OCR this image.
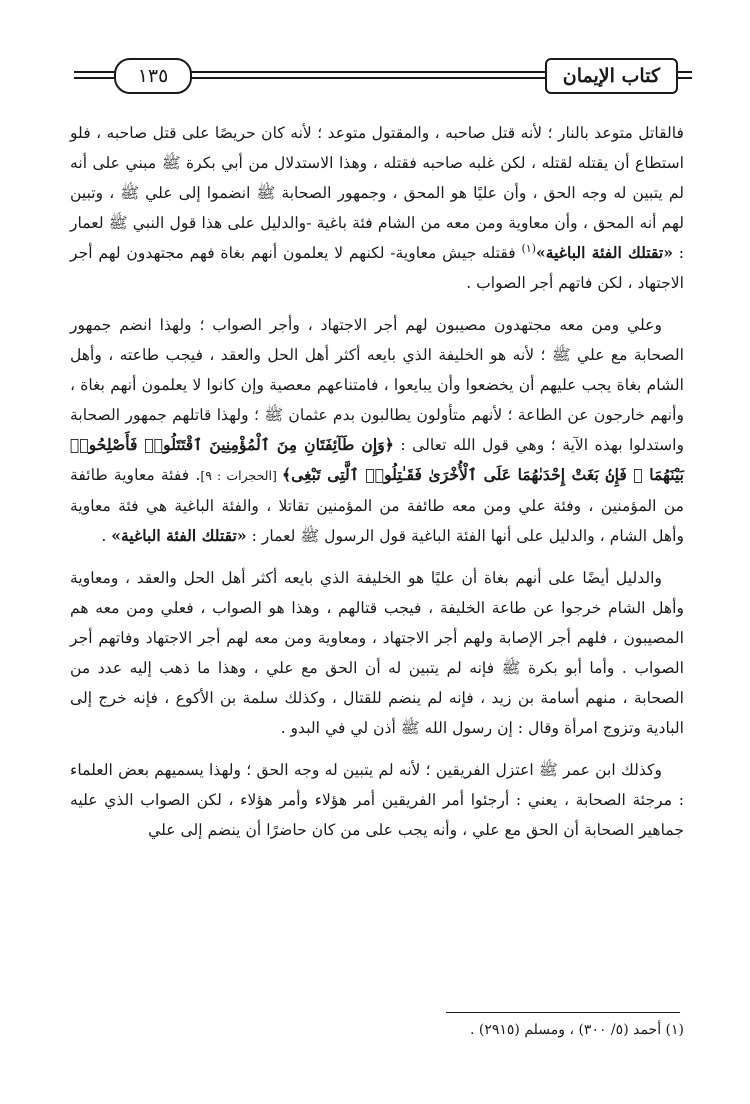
كتاب الإيمان
١٣٥

فالقاتل متوعد بالنار ؛ لأنه قتل صاحبه ، والمقتول متوعد ؛ لأنه كان حريصًا على قتل صاحبه ، فلو استطاع أن يقتله لقتله ، لكن غلبه صاحبه فقتله ، وهذا الاستدلال من أبي بكرة ﷺ مبني على أنه لم يتبين له وجه الحق ، وأن عليًا هو المحق ، وجمهور الصحابة ﷺ انضموا إلى علي ﷺ ، وتبين لهم أنه المحق ، وأن معاوية ومن معه من الشام فئة باغية -والدليل على هذا قول النبي ﷺ لعمار : «تقتلك الفئة الباغية»$^{(١)}$ فقتله جيش معاوية- لكنهم لا يعلمون أنهم بغاة فهم مجتهدون لهم أجر الاجتهاد ، لكن فاتهم أجر الصواب .

وعلي ومن معه مجتهدون مصيبون لهم أجر الاجتهاد ، وأجر الصواب ؛ ولهذا انضم جمهور الصحابة مع علي ﷺ ؛ لأنه هو الخليفة الذي بايعه أكثر أهل الحل والعقد ، فيجب طاعته ، وأهل الشام بغاة يجب عليهم أن يخضعوا وأن يبايعوا ، فامتناعهم معصية وإن كانوا لا يعلمون أنهم بغاة ، وأنهم خارجون عن الطاعة ؛ لأنهم متأولون يطالبون بدم عثمان ﷺ ؛ ولهذا قاتلهم جمهور الصحابة واستدلوا بهذه الآية ؛ وهي قول الله تعالى : ﴿وَإِن طَآئِفَتَانِ مِنَ ٱلْمُؤْمِنِينَ ٱقْتَتَلُوا۟ فَأَصْلِحُوا۟ بَيْنَهُمَا ۖ فَإِنۢ بَغَتْ إِحْدَىٰهُمَا عَلَى ٱلْأُخْرَىٰ فَقَـٰتِلُوا۟ ٱلَّتِى تَبْغِى﴾ [الحجرات : ٩]. ففئة معاوية طائفة من المؤمنين ، وفئة علي ومن معه طائفة من المؤمنين تقاتلا ، والفئة الباغية هي فئة معاوية وأهل الشام ، والدليل على أنها الفئة الباغية قول الرسول ﷺ لعمار : «تقتلك الفئة الباغية» .

والدليل أيضًا على أنهم بغاة أن عليًا هو الخليفة الذي بايعه أكثر أهل الحل والعقد ، ومعاوية وأهل الشام خرجوا عن طاعة الخليفة ، فيجب قتالهم ، وهذا هو الصواب ، فعلي ومن معه هم المصيبون ، فلهم أجر الإصابة ولهم أجر الاجتهاد ، ومعاوية ومن معه لهم أجر الاجتهاد وفاتهم أجر الصواب . وأما أبو بكرة ﷺ فإنه لم يتبين له أن الحق مع علي ، وهذا ما ذهب إليه عدد من الصحابة ، منهم أسامة بن زيد ، فإنه لم ينضم للقتال ، وكذلك سلمة بن الأكوع ، فإنه خرج إلى البادية وتزوج امرأة وقال : إن رسول الله ﷺ أذن لي في البدو .

وكذلك ابن عمر ﷺ اعتزل الفريقين ؛ لأنه لم يتبين له وجه الحق ؛ ولهذا يسميهم بعض العلماء : مرجئة الصحابة ، يعني : أرجئوا أمر الفريقين أمر هؤلاء وأمر هؤلاء ، لكن الصواب الذي عليه جماهير الصحابة أن الحق مع علي ، وأنه يجب على من كان حاضرًا أن ينضم إلى علي

(١) أحمد (٥/ ٣٠٠) ، ومسلم (٢٩١٥) .
